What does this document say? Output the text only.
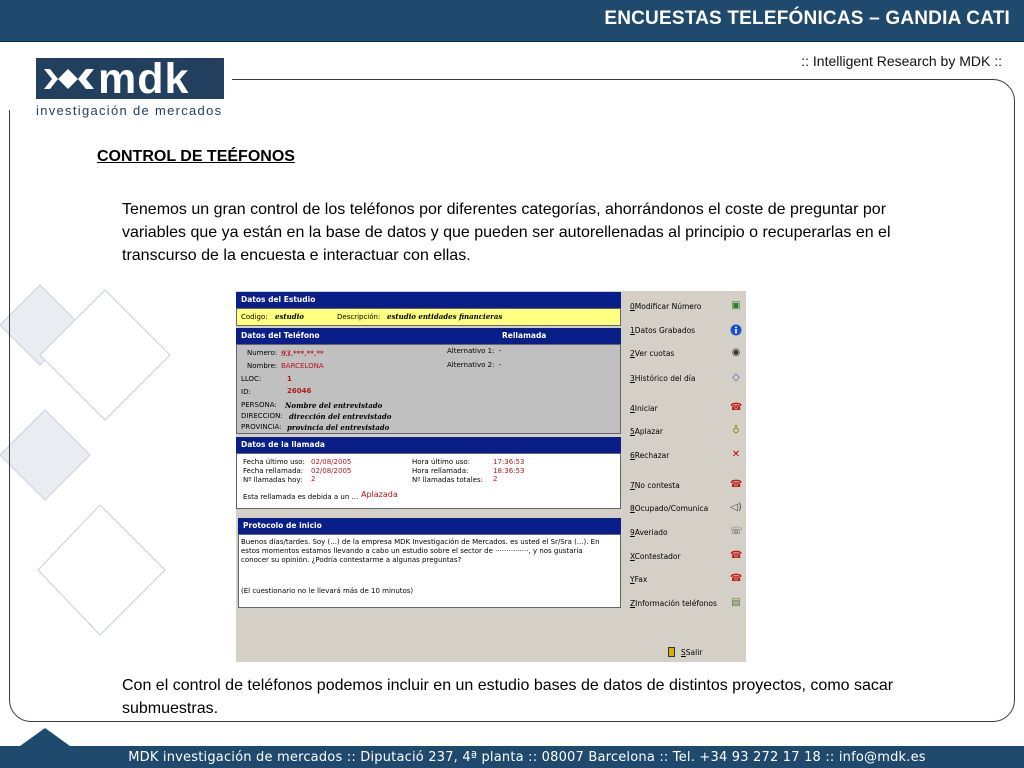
ENCUESTAS TELEFÓNICAS – GANDIA CATI
:: Intelligent Research by MDK ::
mdk
investigación de mercados
CONTROL DE TEÉFONOS
Tenemos un gran control de los teléfonos por diferentes categorías, ahorrándonos el coste de preguntar por variables que ya están en la base de datos y que pueden ser autorellenadas al principio o recuperarlas en el transcurso de la encuesta e interactuar con ellas.
Datos del Estudio
Codigo: estudio	Descripción: estudio entidades financieras
Datos del Teléfono	Rellamada
Numero: 93.***.**.**
Nombre: BARCELONA
Alternativo 1: -
Alternativo 2: -
LLOC:	1
ID:	26046
PERSONA: Nombre del entrevistado
DIRECCION: dirección del entrevistado
PROVINCIA: provincia del entrevistado
Datos de la llamada
Fecha último uso: 02/08/2005
Fecha rellamada: 02/08/2005
Nº llamadas hoy: 2
Hora último uso:	17:36:53
Hora rellamada:	18:36:53
Nº llamadas totales: 2
Esta rellamada es debida a un ... Aplazada
Protocolo de inicio
Buenos días/tardes. Soy (...) de la empresa MDK Investigación de Mercados. es usted el Sr/Sra (...). En
estos momentos estamos llevando a cabo un estudio sobre el sector de ···············, y nos gustaría
conocer su opinión. ¿Podría contestarme a algunas preguntas?
(El cuestionario no le llevará más de 10 minutos)
0Modificar Número	▣
1Datos Grabados
2Ver cuotas	◉
3Histórico del día	◇
4Iniciar	☎
5Aplazar	♁
6Rechazar	✕
7No contesta	☎
8Ocupado/Comunica ◁)
9Averiado	☏
XContestador	☎
YFax	☎
ZInformación teléfonos ▤
SSalir
Con el control de teléfonos podemos incluir en un estudio bases de datos de distintos proyectos, como sacar submuestras.
MDK investigación de mercados :: Diputació 237, 4ª planta :: 08007 Barcelona :: Tel. +34 93 272 17 18 :: info@mdk.es
